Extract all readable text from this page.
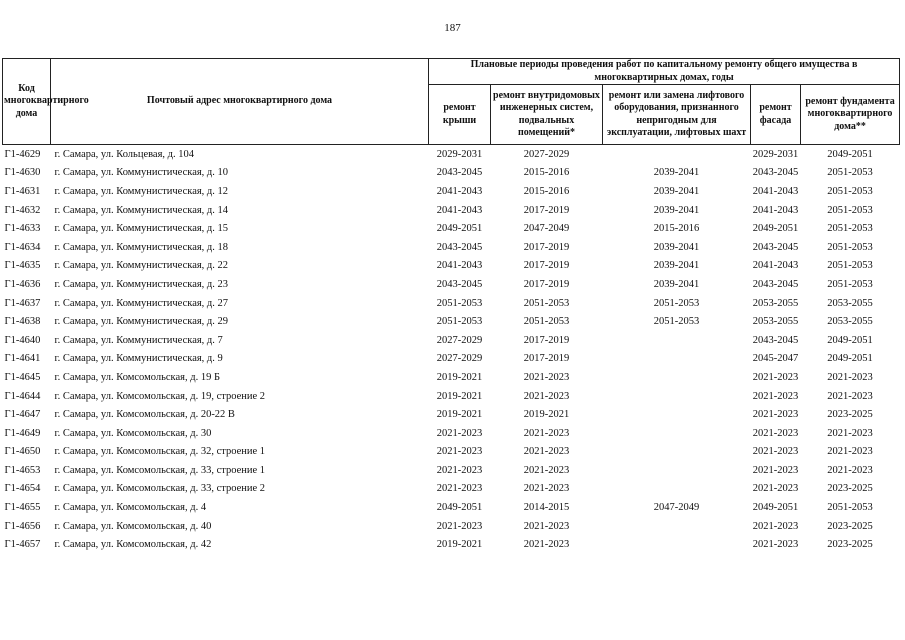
187
Код многоквартирного дома	Почтовый адрес многоквартирного дома	Плановые периоды проведения работ по капитальному ремонту общего имущества в многоквартирных домах, годы				
		ремонт крыши	ремонт внутридомовых инженерных систем, подвальных помещений*	ремонт или замена лифтового оборудования, признанного непригодным для эксплуатации, лифтовых шахт	ремонт фасада	ремонт фундамента многоквартирного дома**
Г1-4629	г. Самара, ул. Кольцевая, д. 104	2029-2031	2027-2029		2029-2031	2049-2051
Г1-4630	г. Самара, ул. Коммунистическая, д. 10	2043-2045	2015-2016	2039-2041	2043-2045	2051-2053
Г1-4631	г. Самара, ул. Коммунистическая, д. 12	2041-2043	2015-2016	2039-2041	2041-2043	2051-2053
Г1-4632	г. Самара, ул. Коммунистическая, д. 14	2041-2043	2017-2019	2039-2041	2041-2043	2051-2053
Г1-4633	г. Самара, ул. Коммунистическая, д. 15	2049-2051	2047-2049	2015-2016	2049-2051	2051-2053
Г1-4634	г. Самара, ул. Коммунистическая, д. 18	2043-2045	2017-2019	2039-2041	2043-2045	2051-2053
Г1-4635	г. Самара, ул. Коммунистическая, д. 22	2041-2043	2017-2019	2039-2041	2041-2043	2051-2053
Г1-4636	г. Самара, ул. Коммунистическая, д. 23	2043-2045	2017-2019	2039-2041	2043-2045	2051-2053
Г1-4637	г. Самара, ул. Коммунистическая, д. 27	2051-2053	2051-2053	2051-2053	2053-2055	2053-2055
Г1-4638	г. Самара, ул. Коммунистическая, д. 29	2051-2053	2051-2053	2051-2053	2053-2055	2053-2055
Г1-4640	г. Самара, ул. Коммунистическая, д. 7	2027-2029	2017-2019		2043-2045	2049-2051
Г1-4641	г. Самара, ул. Коммунистическая, д. 9	2027-2029	2017-2019		2045-2047	2049-2051
Г1-4645	г. Самара, ул. Комсомольская, д. 19 Б	2019-2021	2021-2023		2021-2023	2021-2023
Г1-4644	г. Самара, ул. Комсомольская, д. 19, строение 2	2019-2021	2021-2023		2021-2023	2021-2023
Г1-4647	г. Самара, ул. Комсомольская, д. 20-22 В	2019-2021	2019-2021		2021-2023	2023-2025
Г1-4649	г. Самара, ул. Комсомольская, д. 30	2021-2023	2021-2023		2021-2023	2021-2023
Г1-4650	г. Самара, ул. Комсомольская, д. 32, строение 1	2021-2023	2021-2023		2021-2023	2021-2023
Г1-4653	г. Самара, ул. Комсомольская, д. 33, строение 1	2021-2023	2021-2023		2021-2023	2021-2023
Г1-4654	г. Самара, ул. Комсомольская, д. 33, строение 2	2021-2023	2021-2023		2021-2023	2023-2025
Г1-4655	г. Самара, ул. Комсомольская, д. 4	2049-2051	2014-2015	2047-2049	2049-2051	2051-2053
Г1-4656	г. Самара, ул. Комсомольская, д. 40	2021-2023	2021-2023		2021-2023	2023-2025
Г1-4657	г. Самара, ул. Комсомольская, д. 42	2019-2021	2021-2023		2021-2023	2023-2025
